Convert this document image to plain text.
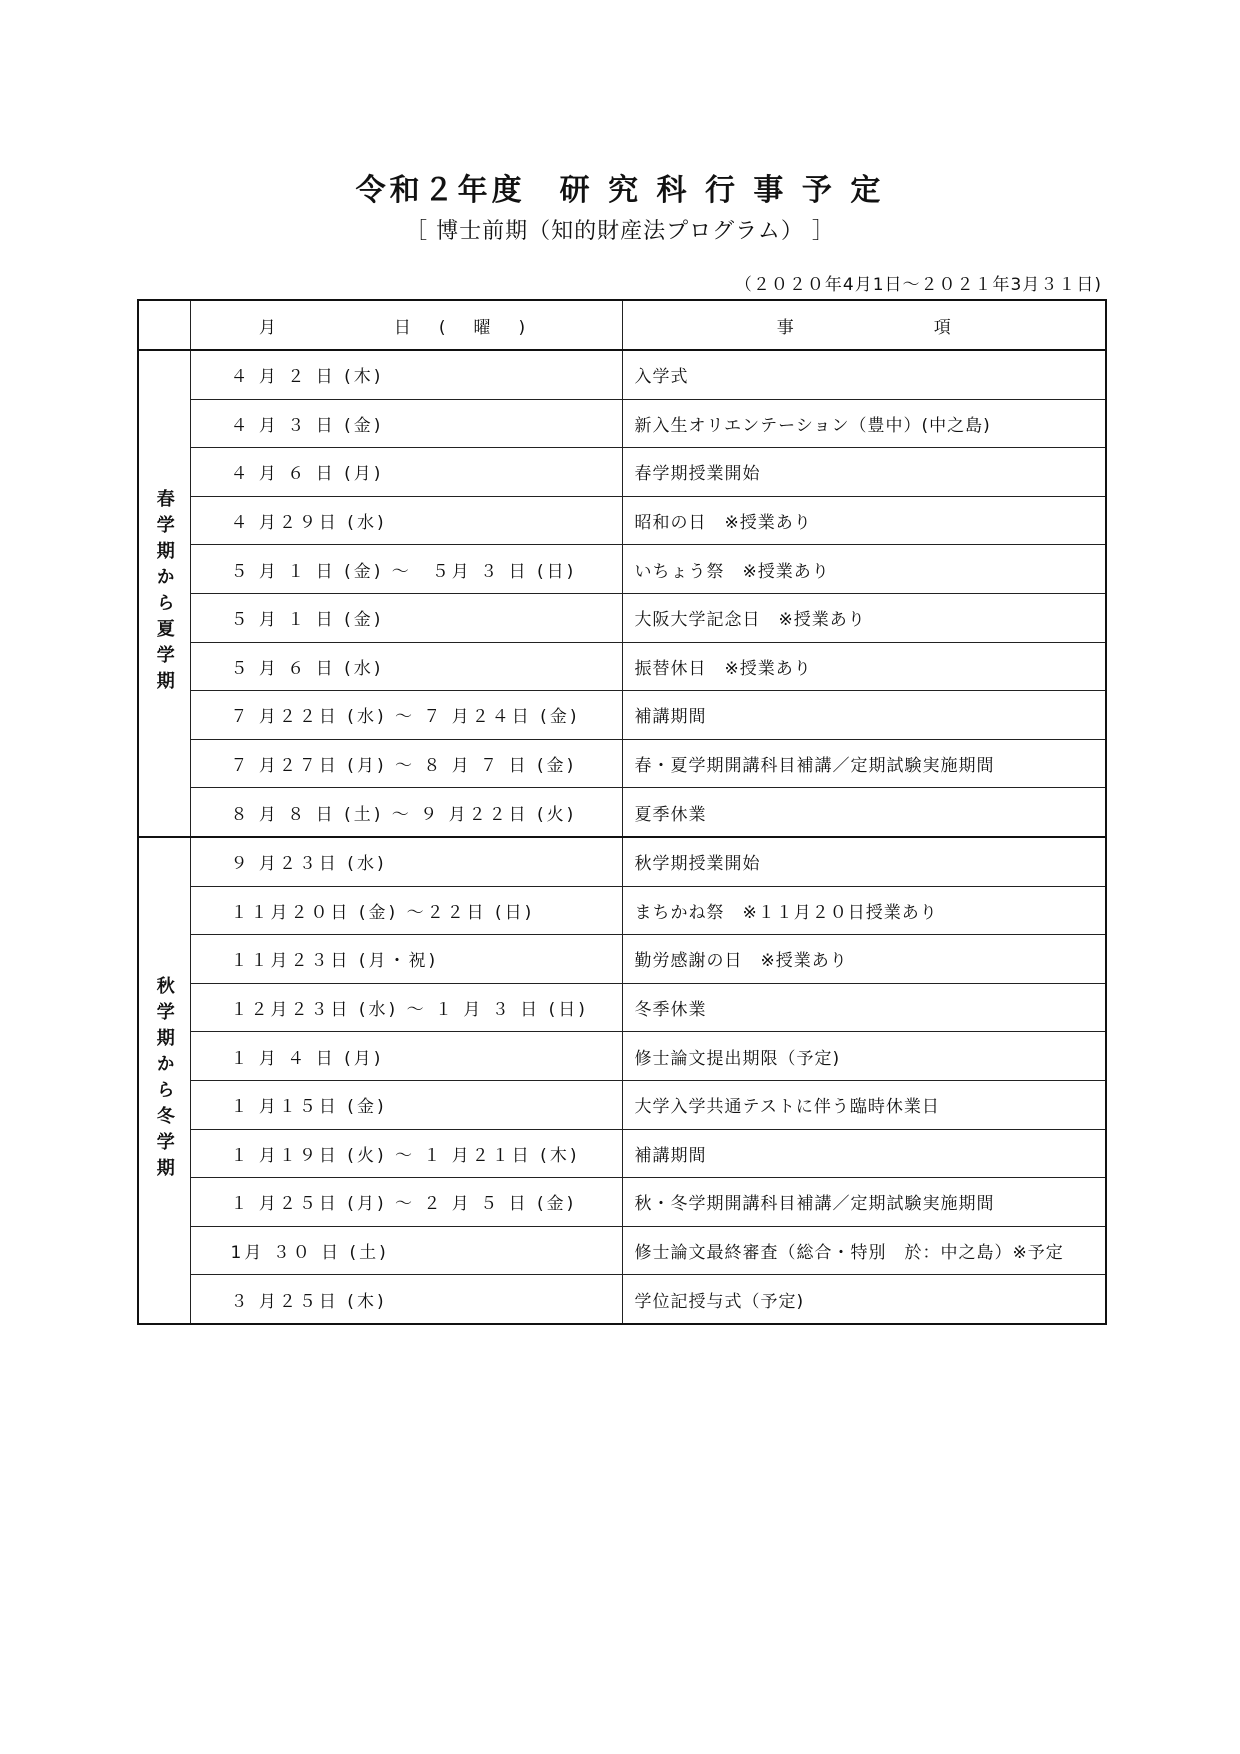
令和２年度　研 究 科 行 事 予 定
［ 博士前期（知的財産法プログラム） ］
（２０２０年4月1日～２０２１年3月３１日)
	月　　日(曜)	事項

春学期から夏学期	４ 月 ２ 日 (木)	入学式
	４ 月 ３ 日 (金)	新入生オリエンテーション（豊中）(中之島)
	４ 月 ６ 日 (月)	春学期授業開始
	４ 月２９日 (水)	昭和の日　※授業あり
	５ 月 １ 日 (金) ～　５月 ３ 日 (日)	いちょう祭　※授業あり
	５ 月 １ 日 (金)	大阪大学記念日　※授業あり
	５ 月 ６ 日 (水)	振替休日　※授業あり
	７ 月２２日 (水) ～ ７ 月２４日 (金)	補講期間
	７ 月２７日 (月) ～ ８ 月 ７ 日 (金)	春・夏学期開講科目補講／定期試験実施期間
	８ 月 ８ 日 (土) ～ ９ 月２２日 (火)	夏季休業

秋学期から冬学期	９ 月２３日 (水)	秋学期授業開始
	１１月２０日 (金) ～２２日 (日)	まちかね祭　※１１月２０日授業あり
	１１月２３日 (月・祝)	勤労感謝の日　※授業あり
	１２月２３日 (水) ～ １ 月 ３ 日 (日)	冬季休業
	１ 月 ４ 日 (月)	修士論文提出期限（予定)
	１ 月１５日 (金)	大学入学共通テストに伴う臨時休業日
	１ 月１９日 (火) ～ １ 月２１日 (木)	補講期間
	１ 月２５日 (月) ～ ２ 月 ５ 日 (金)	秋・冬学期開講科目補講／定期試験実施期間
	1月 ３０ 日 (土)	修士論文最終審査（総合・特別　於：中之島）※予定
	３ 月２５日 (木)	学位記授与式（予定)
